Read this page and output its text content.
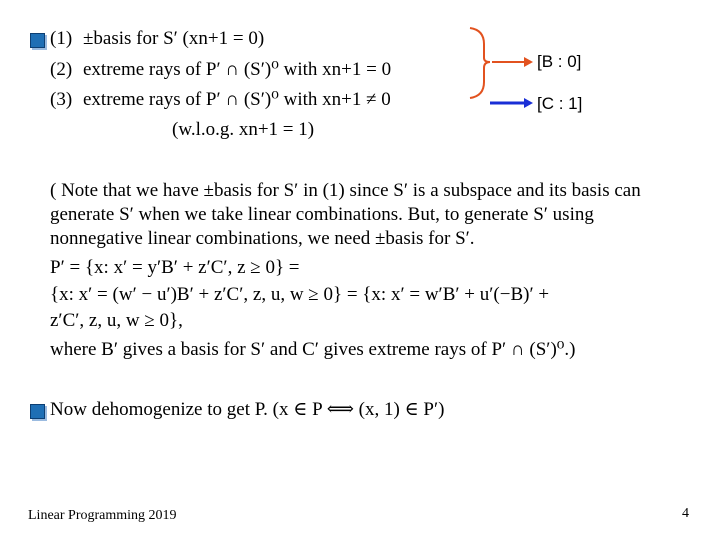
(1) ±basis for S′ (xn+1 = 0)
(2) extreme rays of P′ ∩ (S′)⁰ with xn+1 = 0
(3) extreme rays of P′ ∩ (S′)⁰ with xn+1 ≠ 0
(w.l.o.g. xn+1 = 1)
[B : 0]
[C : 1]
( Note that we have ±basis for S′ in (1) since S′ is a subspace and its basis can
generate S′ when we take linear combinations. But, to generate S′ using
nonnegative linear combinations, we need ±basis for S′.
P′ = {x: x′ = y′B′ + z′C′, z ≥ 0} =
{x: x′ = (w′ − u′)B′ + z′C′, z, u, w ≥ 0} = {x: x′ = w′B′ + u′(−B)′ +
z′C′, z, u, w ≥ 0},
where B′ gives a basis for S′ and C′ gives extreme rays of P′ ∩ (S′)⁰.)
Now dehomogenize to get P. (x ∈ P ⟺ (x, 1) ∈ P′)
Linear Programming 2019	4
